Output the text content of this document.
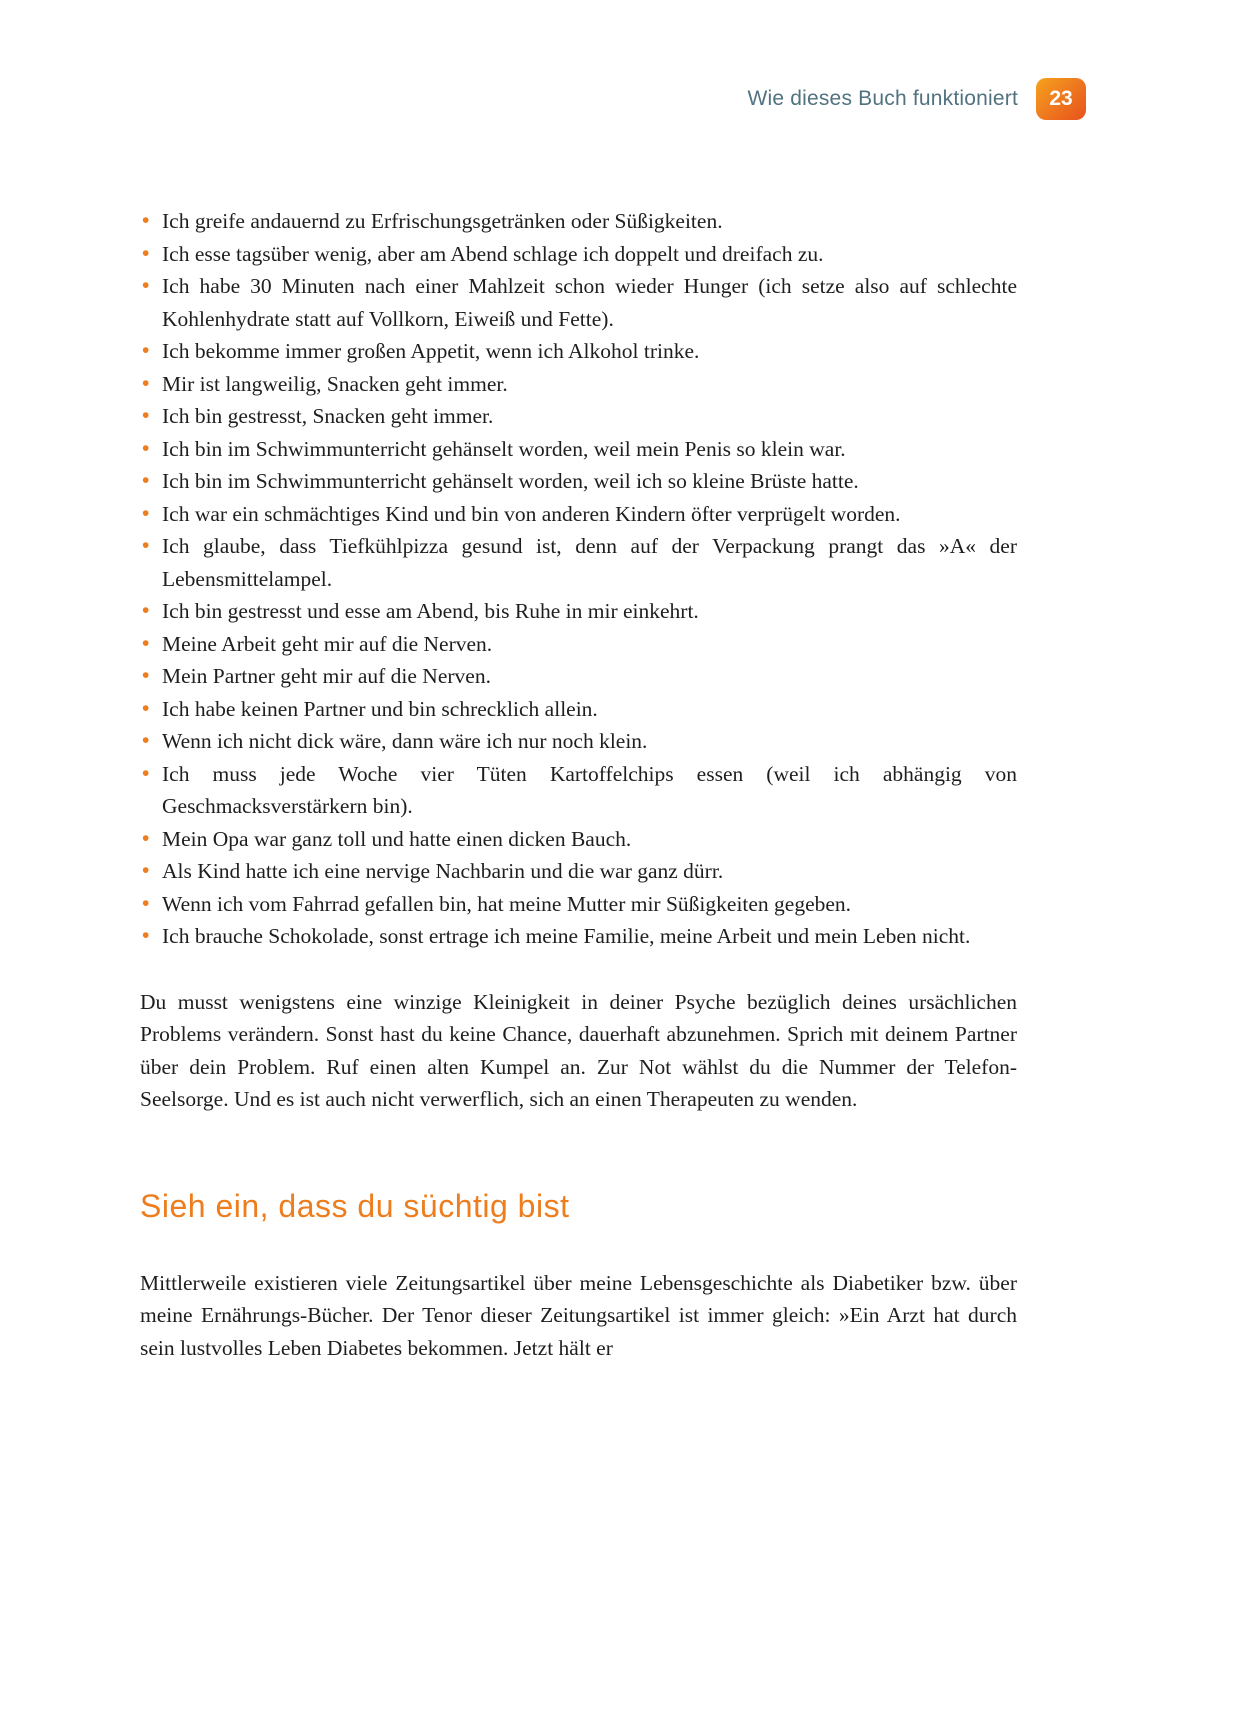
Wie dieses Buch funktioniert	23
• Ich greife andauernd zu Erfrischungsgetränken oder Süßigkeiten.
• Ich esse tagsüber wenig, aber am Abend schlage ich doppelt und dreifach zu.
• Ich habe 30 Minuten nach einer Mahlzeit schon wieder Hunger (ich setze also auf schlechte Kohlenhydrate statt auf Vollkorn, Eiweiß und Fette).
• Ich bekomme immer großen Appetit, wenn ich Alkohol trinke.
• Mir ist langweilig, Snacken geht immer.
• Ich bin gestresst, Snacken geht immer.
• Ich bin im Schwimmunterricht gehänselt worden, weil mein Penis so klein war.
• Ich bin im Schwimmunterricht gehänselt worden, weil ich so kleine Brüste hatte.
• Ich war ein schmächtiges Kind und bin von anderen Kindern öfter verprügelt worden.
• Ich glaube, dass Tiefkühlpizza gesund ist, denn auf der Verpackung prangt das »A« der Lebensmittelampel.
• Ich bin gestresst und esse am Abend, bis Ruhe in mir einkehrt.
• Meine Arbeit geht mir auf die Nerven.
• Mein Partner geht mir auf die Nerven.
• Ich habe keinen Partner und bin schrecklich allein.
• Wenn ich nicht dick wäre, dann wäre ich nur noch klein.
• Ich muss jede Woche vier Tüten Kartoffelchips essen (weil ich abhängig von Geschmacksverstärkern bin).
• Mein Opa war ganz toll und hatte einen dicken Bauch.
• Als Kind hatte ich eine nervige Nachbarin und die war ganz dürr.
• Wenn ich vom Fahrrad gefallen bin, hat meine Mutter mir Süßigkeiten gegeben.
• Ich brauche Schokolade, sonst ertrage ich meine Familie, meine Arbeit und mein Leben nicht.

Du musst wenigstens eine winzige Kleinigkeit in deiner Psyche bezüglich deines ursächlichen Problems verändern. Sonst hast du keine Chance, dauerhaft abzunehmen. Sprich mit deinem Partner über dein Problem. Ruf einen alten Kumpel an. Zur Not wählst du die Nummer der Telefon-Seelsorge. Und es ist auch nicht verwerflich, sich an einen Therapeuten zu wenden.

Sieh ein, dass du süchtig bist

Mittlerweile existieren viele Zeitungsartikel über meine Lebensgeschichte als Diabetiker bzw. über meine Ernährungs-Bücher. Der Tenor dieser Zeitungsartikel ist immer gleich: »Ein Arzt hat durch sein lustvolles Leben Diabetes bekommen. Jetzt hält er
